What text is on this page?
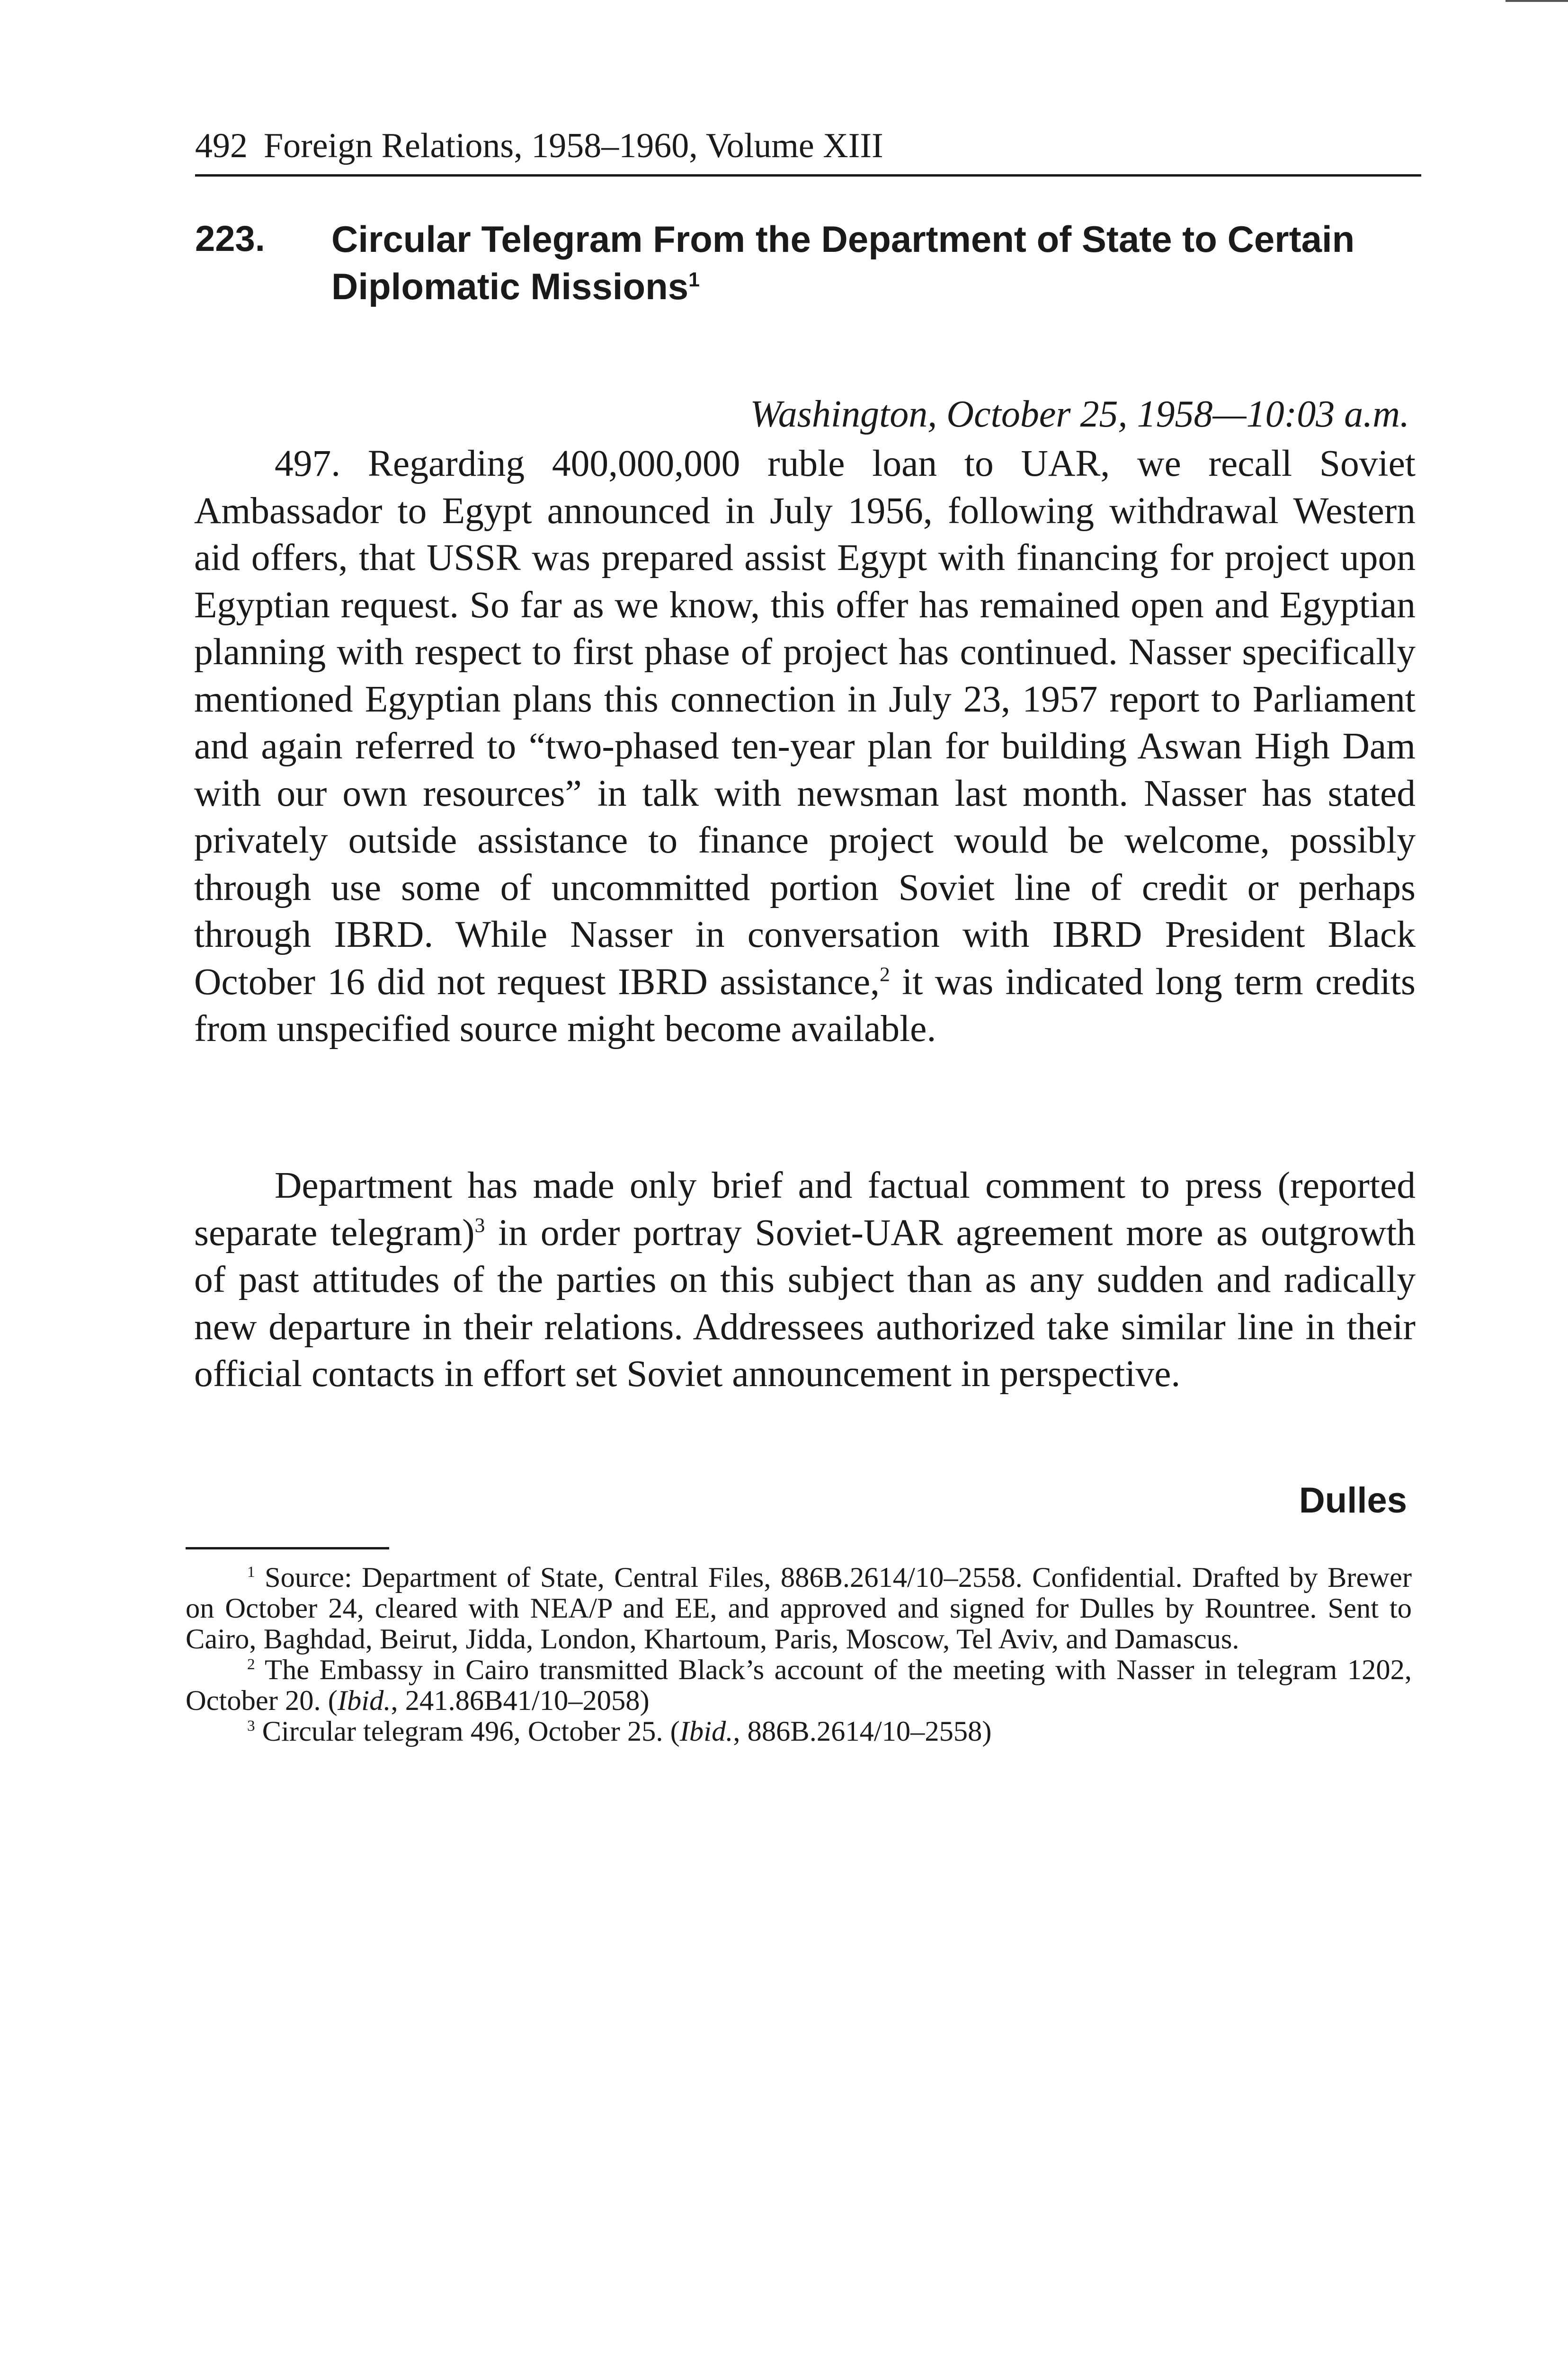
492 Foreign Relations, 1958–1960, Volume XIII
223. Circular Telegram From the Department of State to Certain Diplomatic Missions$^1$
Washington, October 25, 1958—10:03 a.m.

497. Regarding 400,000,000 ruble loan to UAR, we recall Soviet Ambassador to Egypt announced in July 1956, following withdrawal Western aid offers, that USSR was prepared assist Egypt with financing for project upon Egyptian request. So far as we know, this offer has remained open and Egyptian planning with respect to first phase of project has continued. Nasser specifically mentioned Egyptian plans this connection in July 23, 1957 report to Parliament and again referred to “two-phased ten-year plan for building Aswan High Dam with our own resources” in talk with newsman last month. Nasser has stated privately outside assistance to finance project would be welcome, possibly through use some of uncommitted portion Soviet line of credit or perhaps through IBRD. While Nasser in conversation with IBRD President Black October 16 did not request IBRD assistance,$^2$ it was indicated long term credits from unspecified source might become available.

Department has made only brief and factual comment to press (reported separate telegram)$^3$ in order portray Soviet-UAR agreement more as outgrowth of past attitudes of the parties on this subject than as any sudden and radically new departure in their relations. Addressees authorized take similar line in their official contacts in effort set Soviet announcement in perspective.

Dulles

$^1$ Source: Department of State, Central Files, 886B.2614/10–2558. Confidential. Drafted by Brewer on October 24, cleared with NEA/P and EE, and approved and signed for Dulles by Rountree. Sent to Cairo, Baghdad, Beirut, Jidda, London, Khartoum, Paris, Moscow, Tel Aviv, and Damascus.

$^2$ The Embassy in Cairo transmitted Black’s account of the meeting with Nasser in telegram 1202, October 20. (Ibid., 241.86B41/10–2058)

$^3$ Circular telegram 496, October 25. (Ibid., 886B.2614/10–2558)
